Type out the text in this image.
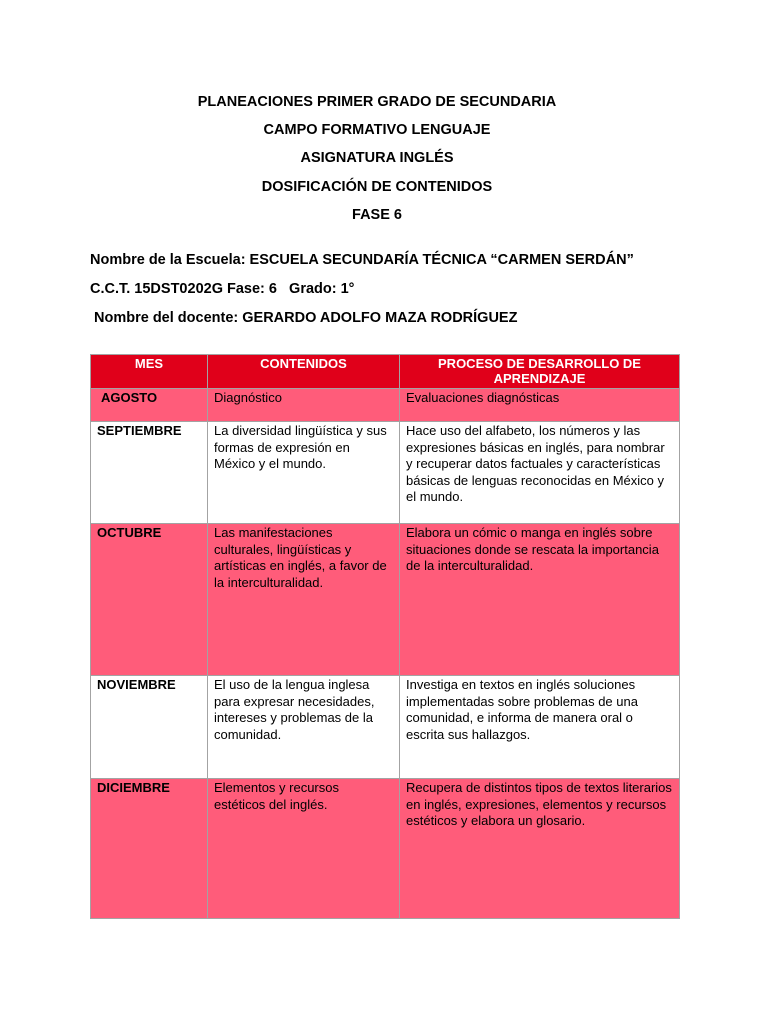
PLANEACIONES PRIMER GRADO DE SECUNDARIA
CAMPO FORMATIVO LENGUAJE
ASIGNATURA INGLÉS
DOSIFICACIÓN DE CONTENIDOS
FASE 6
Nombre de la Escuela: ESCUELA SECUNDARÍA TÉCNICA “CARMEN SERDÁN”
C.C.T. 15DST0202G Fase: 6   Grado: 1°
Nombre del docente: GERARDO ADOLFO MAZA RODRÍGUEZ
MES	CONTENIDOS	PROCESO DE DESARROLLO DE APRENDIZAJE
AGOSTO	Diagnóstico	Evaluaciones diagnósticas
SEPTIEMBRE	La diversidad lingüística y sus formas de expresión en México y el mundo.	Hace uso del alfabeto, los números y las expresiones básicas en inglés, para nombrar y recuperar datos factuales y características básicas de lenguas reconocidas en México y el mundo.
OCTUBRE	Las manifestaciones culturales, lingüísticas y artísticas en inglés, a favor de la interculturalidad.	Elabora un cómic o manga en inglés sobre situaciones donde se rescata la importancia de la interculturalidad.
NOVIEMBRE	El uso de la lengua inglesa para expresar necesidades, intereses y problemas de la comunidad.	Investiga en textos en inglés soluciones implementadas sobre problemas de una comunidad, e informa de manera oral o escrita sus hallazgos.
DICIEMBRE	Elementos y recursos estéticos del inglés.	Recupera de distintos tipos de textos literarios en inglés, expresiones, elementos y recursos estéticos y elabora un glosario.
